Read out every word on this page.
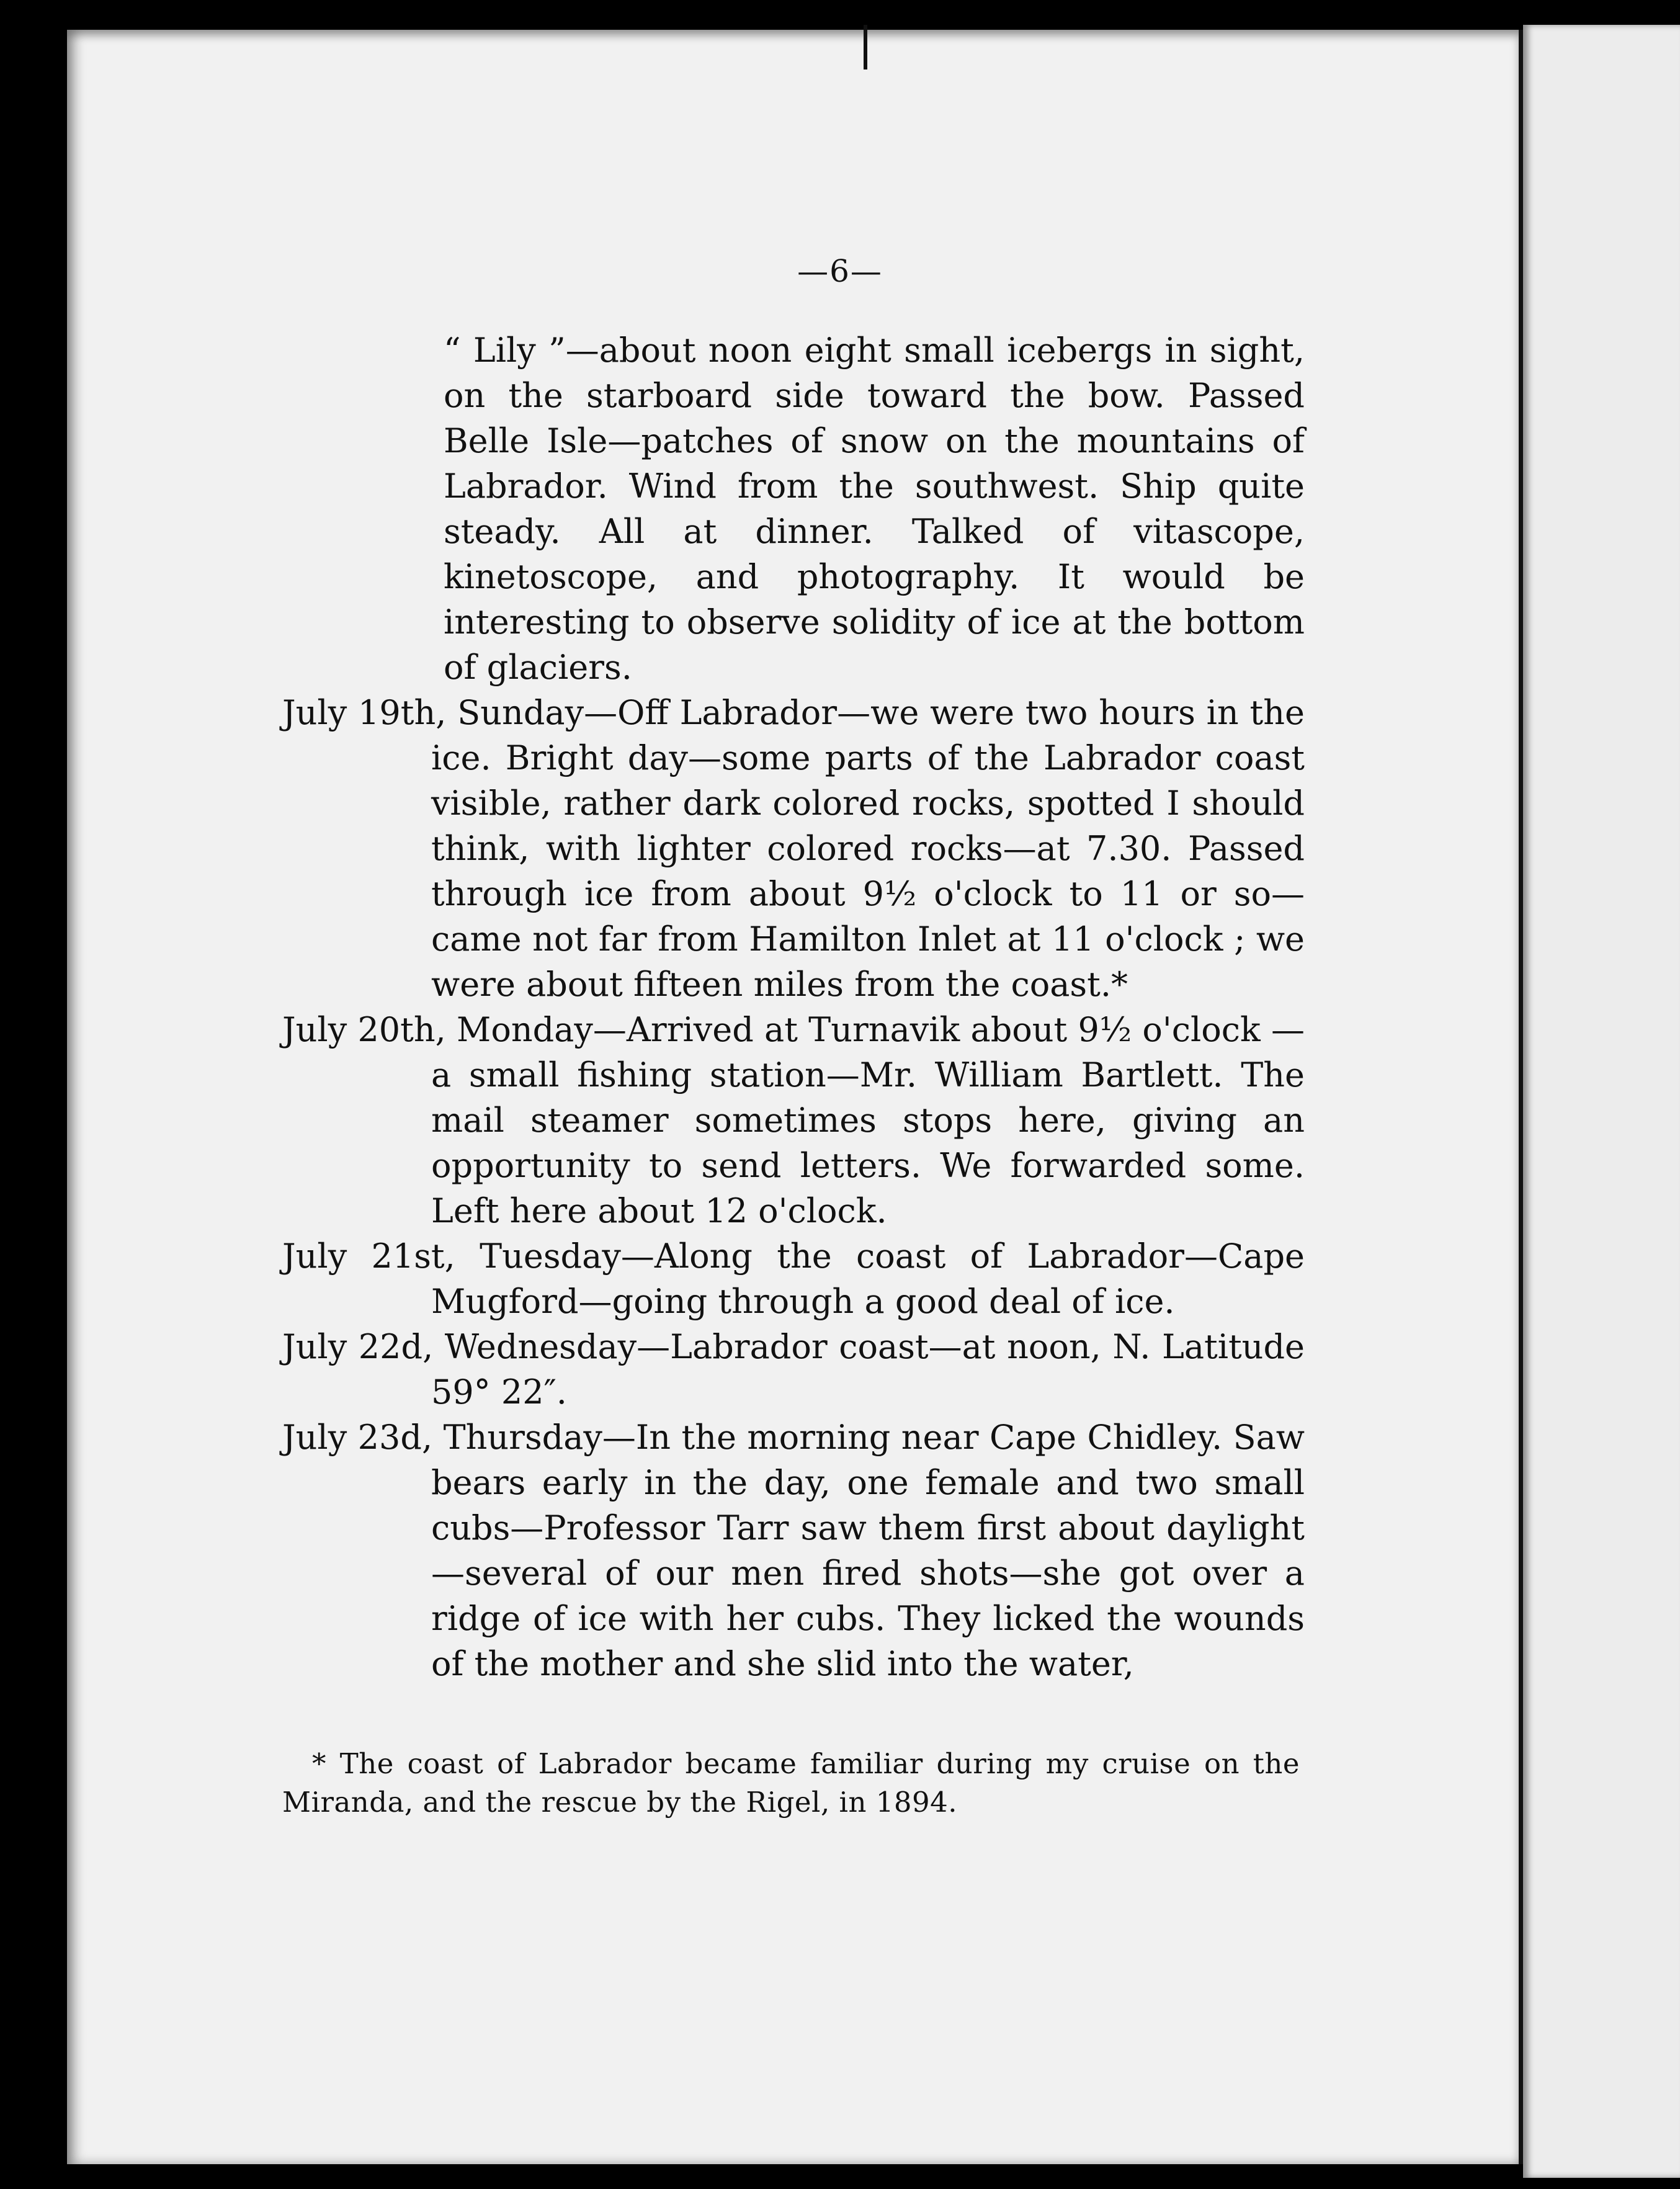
—6—

“ Lily ”—about noon eight small icebergs in sight, on the starboard side toward the bow. Passed Belle Isle—patches of snow on the mountains of Labrador. Wind from the southwest. Ship quite steady. All at dinner. Talked of vitascope, kinetoscope, and photography. It would be interesting to observe solidity of ice at the bottom of glaciers.

July 19th, Sunday—Off Labrador—we were two hours in the ice. Bright day—some parts of the Labrador coast visible, rather dark colored rocks, spotted I should think, with lighter colored rocks—at 7.30. Passed through ice from about 9½ o'clock to 11 or so—came not far from Hamilton Inlet at 11 o'clock ; we were about fifteen miles from the coast.*

July 20th, Monday—Arrived at Turnavik about 9½ o'clock —a small fishing station—Mr. William Bartlett. The mail steamer sometimes stops here, giving an opportunity to send letters. We forwarded some. Left here about 12 o'clock.

July 21st, Tuesday—Along the coast of Labrador—Cape Mugford—going through a good deal of ice.

July 22d, Wednesday—Labrador coast—at noon, N. Latitude 59° 22″.

July 23d, Thursday—In the morning near Cape Chidley. Saw bears early in the day, one female and two small cubs—Professor Tarr saw them first about daylight—several of our men fired shots—she got over a ridge of ice with her cubs. They licked the wounds of the mother and she slid into the water,

* The coast of Labrador became familiar during my cruise on the Miranda, and the rescue by the Rigel, in 1894.
